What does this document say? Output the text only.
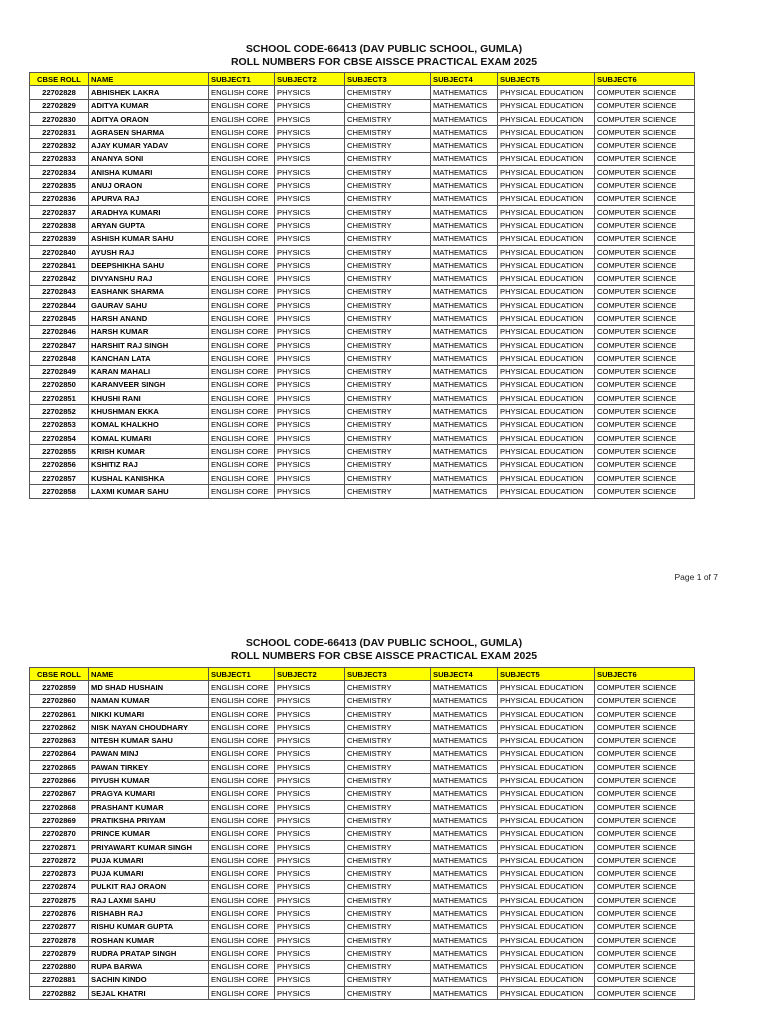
SCHOOL CODE-66413 (DAV PUBLIC SCHOOL, GUMLA)
ROLL NUMBERS FOR CBSE AISSCE PRACTICAL EXAM 2025
CBSE ROLL	NAME	SUBJECT1	SUBJECT2	SUBJECT3	SUBJECT4	SUBJECT5	SUBJECT6
22702828	ABHISHEK LAKRA	ENGLISH CORE	PHYSICS	CHEMISTRY	MATHEMATICS	PHYSICAL EDUCATION	COMPUTER SCIENCE
22702829	ADITYA KUMAR	ENGLISH CORE	PHYSICS	CHEMISTRY	MATHEMATICS	PHYSICAL EDUCATION	COMPUTER SCIENCE
22702830	ADITYA ORAON	ENGLISH CORE	PHYSICS	CHEMISTRY	MATHEMATICS	PHYSICAL EDUCATION	COMPUTER SCIENCE
22702831	AGRASEN SHARMA	ENGLISH CORE	PHYSICS	CHEMISTRY	MATHEMATICS	PHYSICAL EDUCATION	COMPUTER SCIENCE
22702832	AJAY KUMAR YADAV	ENGLISH CORE	PHYSICS	CHEMISTRY	MATHEMATICS	PHYSICAL EDUCATION	COMPUTER SCIENCE
22702833	ANANYA SONI	ENGLISH CORE	PHYSICS	CHEMISTRY	MATHEMATICS	PHYSICAL EDUCATION	COMPUTER SCIENCE
22702834	ANISHA KUMARI	ENGLISH CORE	PHYSICS	CHEMISTRY	MATHEMATICS	PHYSICAL EDUCATION	COMPUTER SCIENCE
22702835	ANUJ ORAON	ENGLISH CORE	PHYSICS	CHEMISTRY	MATHEMATICS	PHYSICAL EDUCATION	COMPUTER SCIENCE
22702836	APURVA RAJ	ENGLISH CORE	PHYSICS	CHEMISTRY	MATHEMATICS	PHYSICAL EDUCATION	COMPUTER SCIENCE
22702837	ARADHYA KUMARI	ENGLISH CORE	PHYSICS	CHEMISTRY	MATHEMATICS	PHYSICAL EDUCATION	COMPUTER SCIENCE
22702838	ARYAN GUPTA	ENGLISH CORE	PHYSICS	CHEMISTRY	MATHEMATICS	PHYSICAL EDUCATION	COMPUTER SCIENCE
22702839	ASHISH KUMAR SAHU	ENGLISH CORE	PHYSICS	CHEMISTRY	MATHEMATICS	PHYSICAL EDUCATION	COMPUTER SCIENCE
22702840	AYUSH RAJ	ENGLISH CORE	PHYSICS	CHEMISTRY	MATHEMATICS	PHYSICAL EDUCATION	COMPUTER SCIENCE
22702841	DEEPSHIKHA SAHU	ENGLISH CORE	PHYSICS	CHEMISTRY	MATHEMATICS	PHYSICAL EDUCATION	COMPUTER SCIENCE
22702842	DIVYANSHU RAJ	ENGLISH CORE	PHYSICS	CHEMISTRY	MATHEMATICS	PHYSICAL EDUCATION	COMPUTER SCIENCE
22702843	EASHANK SHARMA	ENGLISH CORE	PHYSICS	CHEMISTRY	MATHEMATICS	PHYSICAL EDUCATION	COMPUTER SCIENCE
22702844	GAURAV SAHU	ENGLISH CORE	PHYSICS	CHEMISTRY	MATHEMATICS	PHYSICAL EDUCATION	COMPUTER SCIENCE
22702845	HARSH ANAND	ENGLISH CORE	PHYSICS	CHEMISTRY	MATHEMATICS	PHYSICAL EDUCATION	COMPUTER SCIENCE
22702846	HARSH KUMAR	ENGLISH CORE	PHYSICS	CHEMISTRY	MATHEMATICS	PHYSICAL EDUCATION	COMPUTER SCIENCE
22702847	HARSHIT RAJ SINGH	ENGLISH CORE	PHYSICS	CHEMISTRY	MATHEMATICS	PHYSICAL EDUCATION	COMPUTER SCIENCE
22702848	KANCHAN LATA	ENGLISH CORE	PHYSICS	CHEMISTRY	MATHEMATICS	PHYSICAL EDUCATION	COMPUTER SCIENCE
22702849	KARAN MAHALI	ENGLISH CORE	PHYSICS	CHEMISTRY	MATHEMATICS	PHYSICAL EDUCATION	COMPUTER SCIENCE
22702850	KARANVEER SINGH	ENGLISH CORE	PHYSICS	CHEMISTRY	MATHEMATICS	PHYSICAL EDUCATION	COMPUTER SCIENCE
22702851	KHUSHI RANI	ENGLISH CORE	PHYSICS	CHEMISTRY	MATHEMATICS	PHYSICAL EDUCATION	COMPUTER SCIENCE
22702852	KHUSHMAN EKKA	ENGLISH CORE	PHYSICS	CHEMISTRY	MATHEMATICS	PHYSICAL EDUCATION	COMPUTER SCIENCE
22702853	KOMAL KHALKHO	ENGLISH CORE	PHYSICS	CHEMISTRY	MATHEMATICS	PHYSICAL EDUCATION	COMPUTER SCIENCE
22702854	KOMAL KUMARI	ENGLISH CORE	PHYSICS	CHEMISTRY	MATHEMATICS	PHYSICAL EDUCATION	COMPUTER SCIENCE
22702855	KRISH KUMAR	ENGLISH CORE	PHYSICS	CHEMISTRY	MATHEMATICS	PHYSICAL EDUCATION	COMPUTER SCIENCE
22702856	KSHITIZ RAJ	ENGLISH CORE	PHYSICS	CHEMISTRY	MATHEMATICS	PHYSICAL EDUCATION	COMPUTER SCIENCE
22702857	KUSHAL KANISHKA	ENGLISH CORE	PHYSICS	CHEMISTRY	MATHEMATICS	PHYSICAL EDUCATION	COMPUTER SCIENCE
22702858	LAXMI KUMAR SAHU	ENGLISH CORE	PHYSICS	CHEMISTRY	MATHEMATICS	PHYSICAL EDUCATION	COMPUTER SCIENCE
Page 1 of 7
SCHOOL CODE-66413 (DAV PUBLIC SCHOOL, GUMLA)
ROLL NUMBERS FOR CBSE AISSCE PRACTICAL EXAM 2025
CBSE ROLL	NAME	SUBJECT1	SUBJECT2	SUBJECT3	SUBJECT4	SUBJECT5	SUBJECT6
22702859	MD SHAD HUSHAIN	ENGLISH CORE	PHYSICS	CHEMISTRY	MATHEMATICS	PHYSICAL EDUCATION	COMPUTER SCIENCE
22702860	NAMAN KUMAR	ENGLISH CORE	PHYSICS	CHEMISTRY	MATHEMATICS	PHYSICAL EDUCATION	COMPUTER SCIENCE
22702861	NIKKI KUMARI	ENGLISH CORE	PHYSICS	CHEMISTRY	MATHEMATICS	PHYSICAL EDUCATION	COMPUTER SCIENCE
22702862	NISK NAYAN CHOUDHARY	ENGLISH CORE	PHYSICS	CHEMISTRY	MATHEMATICS	PHYSICAL EDUCATION	COMPUTER SCIENCE
22702863	NITESH KUMAR SAHU	ENGLISH CORE	PHYSICS	CHEMISTRY	MATHEMATICS	PHYSICAL EDUCATION	COMPUTER SCIENCE
22702864	PAWAN MINJ	ENGLISH CORE	PHYSICS	CHEMISTRY	MATHEMATICS	PHYSICAL EDUCATION	COMPUTER SCIENCE
22702865	PAWAN TIRKEY	ENGLISH CORE	PHYSICS	CHEMISTRY	MATHEMATICS	PHYSICAL EDUCATION	COMPUTER SCIENCE
22702866	PIYUSH KUMAR	ENGLISH CORE	PHYSICS	CHEMISTRY	MATHEMATICS	PHYSICAL EDUCATION	COMPUTER SCIENCE
22702867	PRAGYA KUMARI	ENGLISH CORE	PHYSICS	CHEMISTRY	MATHEMATICS	PHYSICAL EDUCATION	COMPUTER SCIENCE
22702868	PRASHANT KUMAR	ENGLISH CORE	PHYSICS	CHEMISTRY	MATHEMATICS	PHYSICAL EDUCATION	COMPUTER SCIENCE
22702869	PRATIKSHA PRIYAM	ENGLISH CORE	PHYSICS	CHEMISTRY	MATHEMATICS	PHYSICAL EDUCATION	COMPUTER SCIENCE
22702870	PRINCE KUMAR	ENGLISH CORE	PHYSICS	CHEMISTRY	MATHEMATICS	PHYSICAL EDUCATION	COMPUTER SCIENCE
22702871	PRIYAWART KUMAR SINGH	ENGLISH CORE	PHYSICS	CHEMISTRY	MATHEMATICS	PHYSICAL EDUCATION	COMPUTER SCIENCE
22702872	PUJA KUMARI	ENGLISH CORE	PHYSICS	CHEMISTRY	MATHEMATICS	PHYSICAL EDUCATION	COMPUTER SCIENCE
22702873	PUJA KUMARI	ENGLISH CORE	PHYSICS	CHEMISTRY	MATHEMATICS	PHYSICAL EDUCATION	COMPUTER SCIENCE
22702874	PULKIT RAJ ORAON	ENGLISH CORE	PHYSICS	CHEMISTRY	MATHEMATICS	PHYSICAL EDUCATION	COMPUTER SCIENCE
22702875	RAJ LAXMI SAHU	ENGLISH CORE	PHYSICS	CHEMISTRY	MATHEMATICS	PHYSICAL EDUCATION	COMPUTER SCIENCE
22702876	RISHABH RAJ	ENGLISH CORE	PHYSICS	CHEMISTRY	MATHEMATICS	PHYSICAL EDUCATION	COMPUTER SCIENCE
22702877	RISHU KUMAR GUPTA	ENGLISH CORE	PHYSICS	CHEMISTRY	MATHEMATICS	PHYSICAL EDUCATION	COMPUTER SCIENCE
22702878	ROSHAN KUMAR	ENGLISH CORE	PHYSICS	CHEMISTRY	MATHEMATICS	PHYSICAL EDUCATION	COMPUTER SCIENCE
22702879	RUDRA PRATAP SINGH	ENGLISH CORE	PHYSICS	CHEMISTRY	MATHEMATICS	PHYSICAL EDUCATION	COMPUTER SCIENCE
22702880	RUPA BARWA	ENGLISH CORE	PHYSICS	CHEMISTRY	MATHEMATICS	PHYSICAL EDUCATION	COMPUTER SCIENCE
22702881	SACHIN KINDO	ENGLISH CORE	PHYSICS	CHEMISTRY	MATHEMATICS	PHYSICAL EDUCATION	COMPUTER SCIENCE
22702882	SEJAL KHATRI	ENGLISH CORE	PHYSICS	CHEMISTRY	MATHEMATICS	PHYSICAL EDUCATION	COMPUTER SCIENCE
